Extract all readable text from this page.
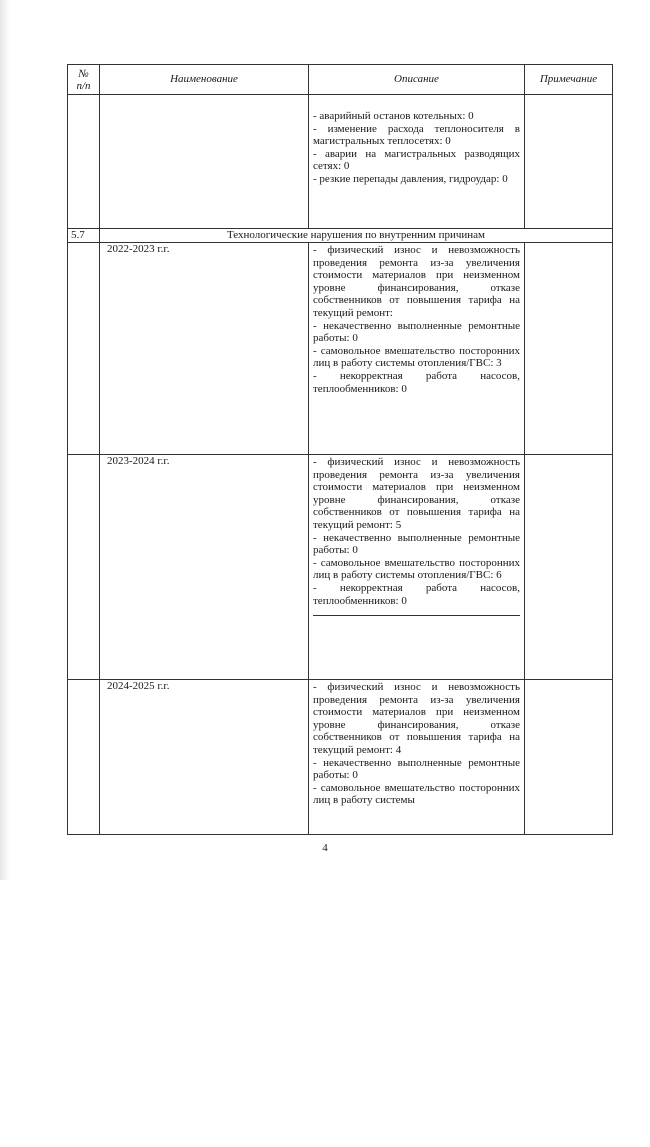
№
п/п	Наименование	Описание	Примечание

		- аварийный останов котельных: 0

- изменение расхода теплоносителя в магистральных теплосетях: 0

- аварии на магистральных разводящих сетях: 0

- резкие перепады давления, гидроудар: 0	

5.7	Технологические нарушения по внутренним причинам		
	2022-2023 г.г.	- физический износ и невозможность проведения ремонта из-за увеличения стоимости материалов при неизменном уровне финансирования, отказе собственников от повышения тарифа на текущий ремонт:

- некачественно выполненные ремонтные работы: 0

- самовольное вмешательство посторонних лиц в работу системы отопления/ГВС: 3

- некорректная работа насосов, теплообменников: 0	

	2023-2024 г.г.	- физический износ и невозможность проведения ремонта из-за увеличения стоимости материалов при неизменном уровне финансирования, отказе собственников от повышения тарифа на текущий ремонт: 5

- некачественно выполненные ремонтные работы: 0

- самовольное вмешательство посторонних лиц в работу системы отопления/ГВС: 6

- некорректная работа насосов, теплообменников: 0	

	2024-2025 г.г.	- физический износ и невозможность проведения ремонта из-за увеличения стоимости материалов при неизменном уровне финансирования, отказе собственников от повышения тарифа на текущий ремонт: 4

- некачественно выполненные ремонтные работы: 0

- самовольное вмешательство посторонних лиц в работу системы	

4
